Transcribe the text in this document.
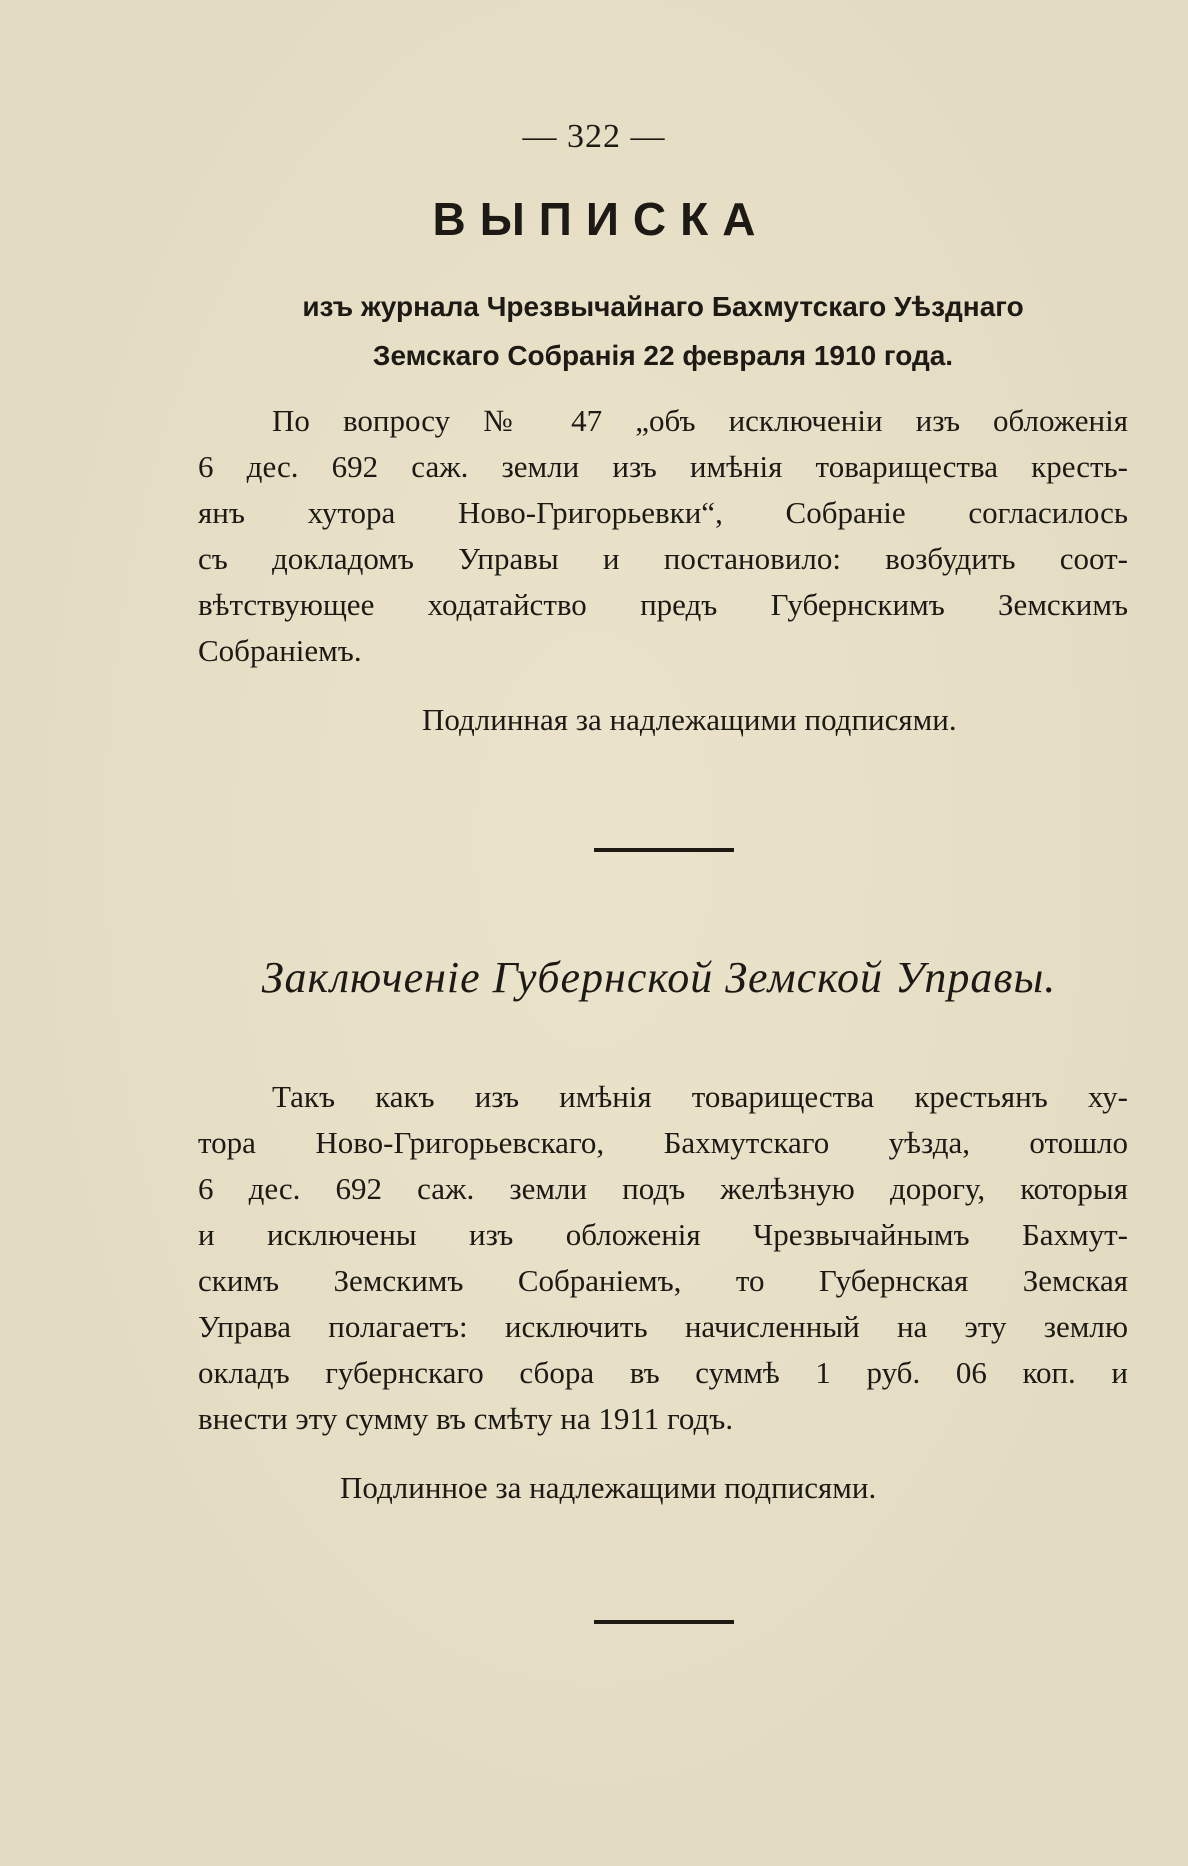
— 322 —
ВЫПИСКА
изъ журнала Чрезвычайнаго Бахмутскаго Уѣзднаго
Земскаго Собранія 22 февраля 1910 года.
По вопросу № 47 „объ исключеніи изъ обложенія
6 дес. 692 саж. земли изъ имѣнія товарищества кресть-
янъ хутора Ново-Григорьевки“, Собраніе согласилось
съ докладомъ Управы и постановило: возбудить соот-
вѣтствующее ходатайство предъ Губернскимъ Земскимъ
Собраніемъ.
Подлинная за надлежащими подписями.
Заключеніе Губернской Земской Управы.
Такъ какъ изъ имѣнія товарищества крестьянъ ху-
тора Ново-Григорьевскаго, Бахмутскаго уѣзда, отошло
6 дес. 692 саж. земли подъ желѣзную дорогу, которыя
и исключены изъ обложенія Чрезвычайнымъ Бахмут-
скимъ Земскимъ Собраніемъ, то Губернская Земская
Управа полагаетъ: исключить начисленный на эту землю
окладъ губернскаго сбора въ суммѣ 1 руб. 06 коп. и
внести эту сумму въ смѣту на 1911 годъ.
Подлинное за надлежащими подписями.
